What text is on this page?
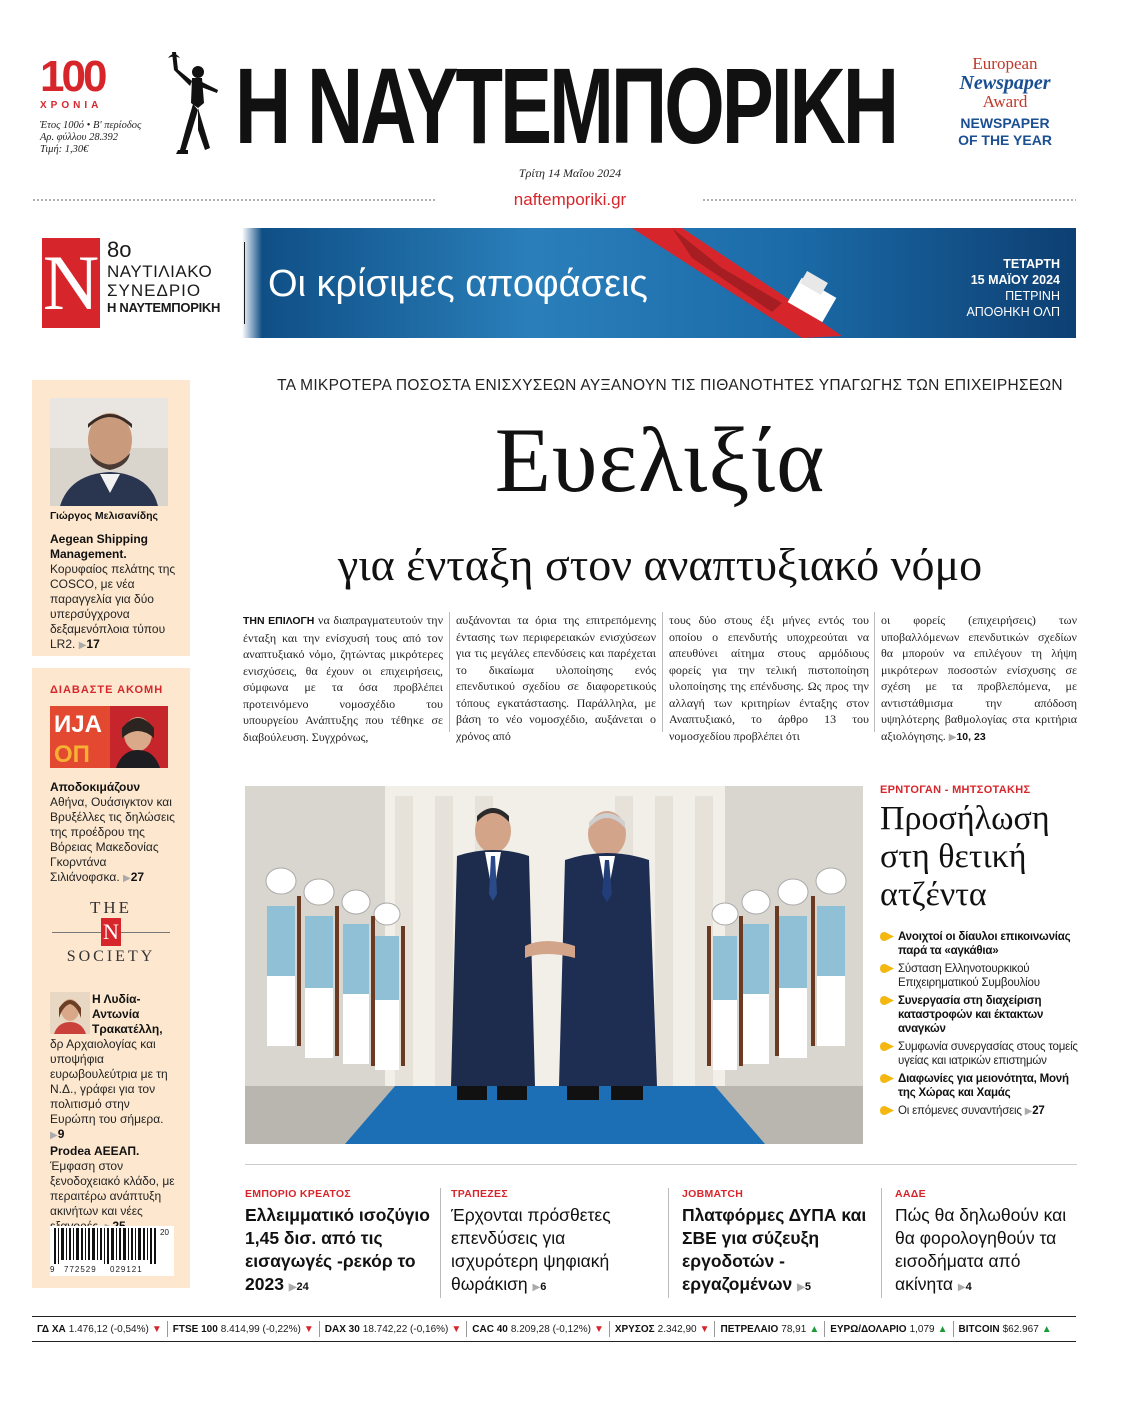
100
ΧΡΟΝΙΑ
Έτος 100ό • Β' περίοδος
Αρ. φύλλου 28.392
Τιμή: 1,30€	Η ΝΑΥΤΕΜΠΟΡΙΚΗ
Τρίτη 14 Μαΐου 2024
naftemporiki.gr
European
Newspaper
Award
NEWSPAPER
OF THE YEAR
N 8ο
ΝΑΥΤΙΛΙΑΚΟ
ΣΥΝΕΔΡΙΟ
Η ΝΑΥΤΕΜΠΟΡΙΚΗ
Οι κρίσιμες αποφάσεις	ΤΕΤΑΡΤΗ
15 ΜΑΪΟΥ 2024
ΠΕΤΡΙΝΗ
ΑΠΟΘΗΚΗ ΟΛΠ
Γιώργος Μελισανίδης
Aegean Shipping Management. Κορυφαίος πελάτης της COSCO, με νέα παραγγελία για δύο υπερσύγχρονα δεξαμενόπλοια τύπου LR2. ▶17
ΔΙΑΒΑΣΤΕ ΑΚΟΜΗ
ИЈА
ОП
Αποδοκιμάζουν Αθήνα, Ουάσιγκτον και Βρυξέλλες τις δηλώσεις της προέδρου της Βόρειας Μακεδονίας Γκορντάνα Σιλιάνοφσκα. ▶27
THE
N
SOCIETY
Η Λυδία-Αντωνία Τρακατέλλη, δρ Αρχαιολογίας και υποψήφια ευρωβουλεύτρια με τη Ν.Δ., γράφει για τον πολιτισμό στην Ευρώπη του σήμερα. ▶9
Prodea ΑΕΕΑΠ. Έμφαση στον ξενοδοχειακό κλάδο, με περαιτέρω ανάπτυξη ακινήτων και νέες
20
9 772529 029121
ΤΑ ΜΙΚΡΟΤΕΡΑ ΠΟΣΟΣΤΑ ΕΝΙΣΧΥΣΕΩΝ ΑΥΞΑΝΟΥΝ ΤΙΣ ΠΙΘΑΝΟΤΗΤΕΣ ΥΠΑΓΩΓΗΣ ΤΩΝ ΕΠΙΧΕΙΡΗΣΕΩΝ
Ευελιξία
για ένταξη στον αναπτυξιακό νόμο
ΤΗΝ ΕΠΙΛΟΓΗ να διαπραγματευτούν την ένταξη και την ενίσχυσή τους από τον αναπτυξιακό νόμο, ζητώντας μικρότερες ενισχύσεις, θα έχουν οι επιχειρήσεις, σύμφωνα με τα όσα προβλέπει προτεινόμενο νομοσχέδιο του υπουργείου Ανάπτυξης που τέθηκε σε διαβούλευση. Συγχρόνως,
αυξάνονται τα όρια της επιτρεπόμενης έντασης των περιφερειακών ενισχύσεων για τις μεγάλες επενδύσεις και παρέχεται το δικαίωμα υλοποίησης ενός επενδυτικού σχεδίου σε διαφορετικούς τόπους εγκατάστασης. Παράλληλα, με βάση το νέο νομοσχέδιο, αυξάνεται ο χρόνος από
τους δύο στους έξι μήνες εντός του οποίου ο επενδυτής υποχρεούται να απευθύνει αίτημα στους αρμόδιους φορείς για την τελική πιστοποίηση υλοποίησης της επένδυσης. Ως προς την αλλαγή των κριτηρίων ένταξης στον Αναπτυξιακό, το άρθρο 13 του νομοσχεδίου προβλέπει ότι
οι φορείς (επιχειρήσεις) των υποβαλλόμενων επενδυτικών σχεδίων θα μπορούν να επιλέγουν τη λήψη μικρότερων ποσοστών ενίσχυσης σε σχέση με τα προβλεπόμενα, με αντιστάθμισμα την απόδοση υψηλότερης βαθμολογίας στα κριτήρια αξιολόγησης. ▶10, 23
ΕΡΝΤΟΓΑΝ - ΜΗΤΣΟΤΑΚΗΣ
Προσήλωση στη θετική ατζέντα
Ανοιχτοί οι δίαυλοι επικοινωνίας παρά τα «αγκάθια»
Σύσταση Ελληνοτουρκικού Επιχειρηματικού Συμβουλίου
Συνεργασία στη διαχείριση καταστροφών και έκτακτων αναγκών
Συμφωνία συνεργασίας στους τομείς υγείας και ιατρικών επιστημών
Διαφωνίες για μειονότητα, Μονή της Χώρας και Χαμάς
Οι επόμενες συναντήσεις ▶27
ΕΜΠΟΡΙΟ ΚΡΕΑΤΟΣ
Ελλειμματικό ισοζύγιο 1,45 δισ. από τις εισαγωγές -ρεκόρ το 2023 ▶24
ΤΡΑΠΕΖΕΣ
Έρχονται πρόσθετες επενδύσεις για ισχυρότερη ψηφιακή θωράκιση ▶6
JOBMATCH
Πλατφόρμες ΔΥΠΑ και ΣΒΕ για σύζευξη εργοδοτών - εργαζομένων ▶5
ΑΑΔΕ
Πώς θα δηλωθούν και θα φορολογηθούν τα εισοδήματα από ακίνητα ▶4
ΓΔ ΧΑ 1.476,12 (-0,54%) ▼ FTSE 100 8.414,99 (-0,22%) ▼ DAX 30 18.742,22 (-0,16%) ▼ CAC 40 8.209,28 (-0,12%) ▼ ΧΡΥΣΟΣ 2.342,90 ▼ ΠΕΤΡΕΛΑΙΟ 78,91 ▲ ΕΥΡΩ/ΔΟΛΑΡΙΟ 1,079 ▲ BITCOIN $62.967 ▲
